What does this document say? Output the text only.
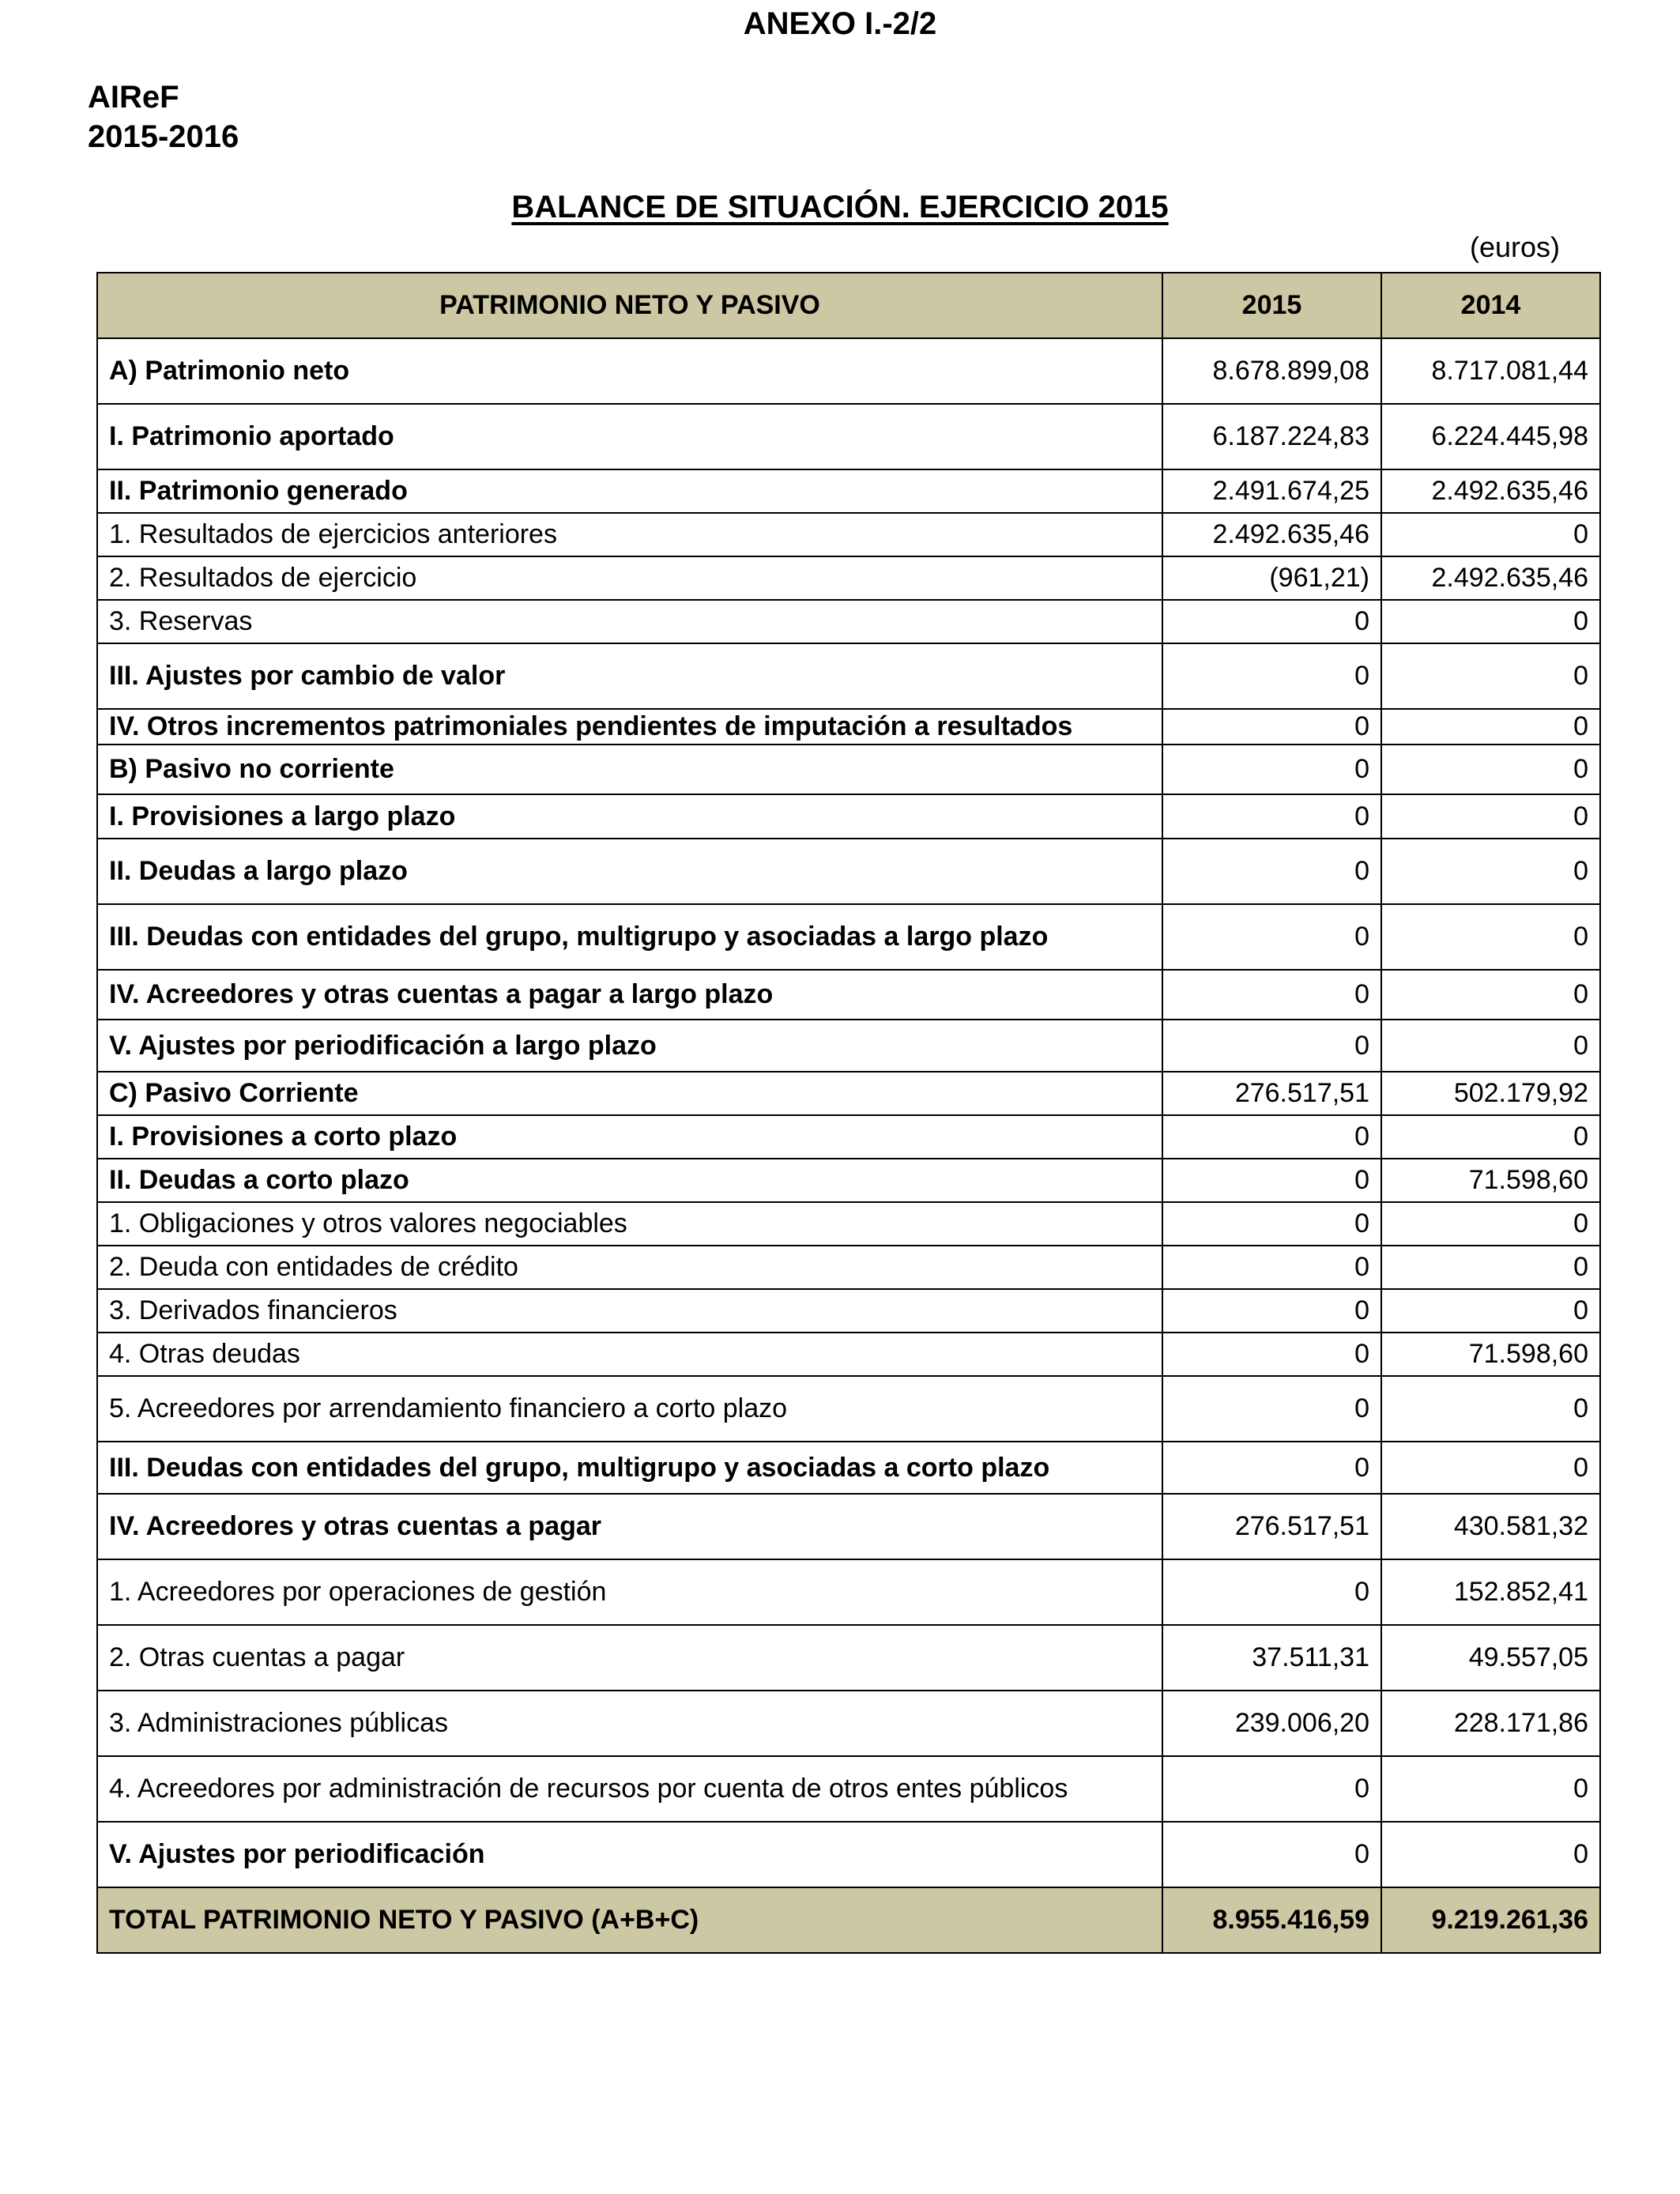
ANEXO I.-2/2
AIReF
2015-2016
BALANCE DE SITUACIÓN. EJERCICIO 2015
(euros)
PATRIMONIO NETO Y PASIVO	2015	2014
A) Patrimonio neto	8.678.899,08	8.717.081,44
I. Patrimonio aportado	6.187.224,83	6.224.445,98
II. Patrimonio generado	2.491.674,25	2.492.635,46
1. Resultados de ejercicios anteriores	2.492.635,46	0
2. Resultados de ejercicio	(961,21)	2.492.635,46
3. Reservas	0	0
III. Ajustes por cambio de valor	0	0
IV. Otros incrementos patrimoniales pendientes de imputación a resultados	0	0
B) Pasivo no corriente	0	0
I. Provisiones a largo plazo	0	0
II. Deudas a largo plazo	0	0
III. Deudas con entidades del grupo, multigrupo y asociadas a largo plazo	0	0
IV. Acreedores y otras cuentas a pagar a largo plazo	0	0
V. Ajustes por periodificación a largo plazo	0	0
C) Pasivo Corriente	276.517,51	502.179,92
I. Provisiones a corto plazo	0	0
II. Deudas a corto plazo	0	71.598,60
1. Obligaciones y otros valores negociables	0	0
2. Deuda con entidades de crédito	0	0
3. Derivados financieros	0	0
4. Otras deudas	0	71.598,60
5. Acreedores por arrendamiento financiero a corto plazo	0	0
III. Deudas con entidades del grupo, multigrupo y asociadas a corto plazo	0	0
IV. Acreedores y otras cuentas a pagar	276.517,51	430.581,32
1. Acreedores por operaciones de gestión	0	152.852,41
2. Otras cuentas a pagar	37.511,31	49.557,05
3. Administraciones públicas	239.006,20	228.171,86
4. Acreedores por administración de recursos por cuenta de otros entes públicos	0	0
V. Ajustes por periodificación	0	0
TOTAL PATRIMONIO NETO Y PASIVO (A+B+C)	8.955.416,59	9.219.261,36
